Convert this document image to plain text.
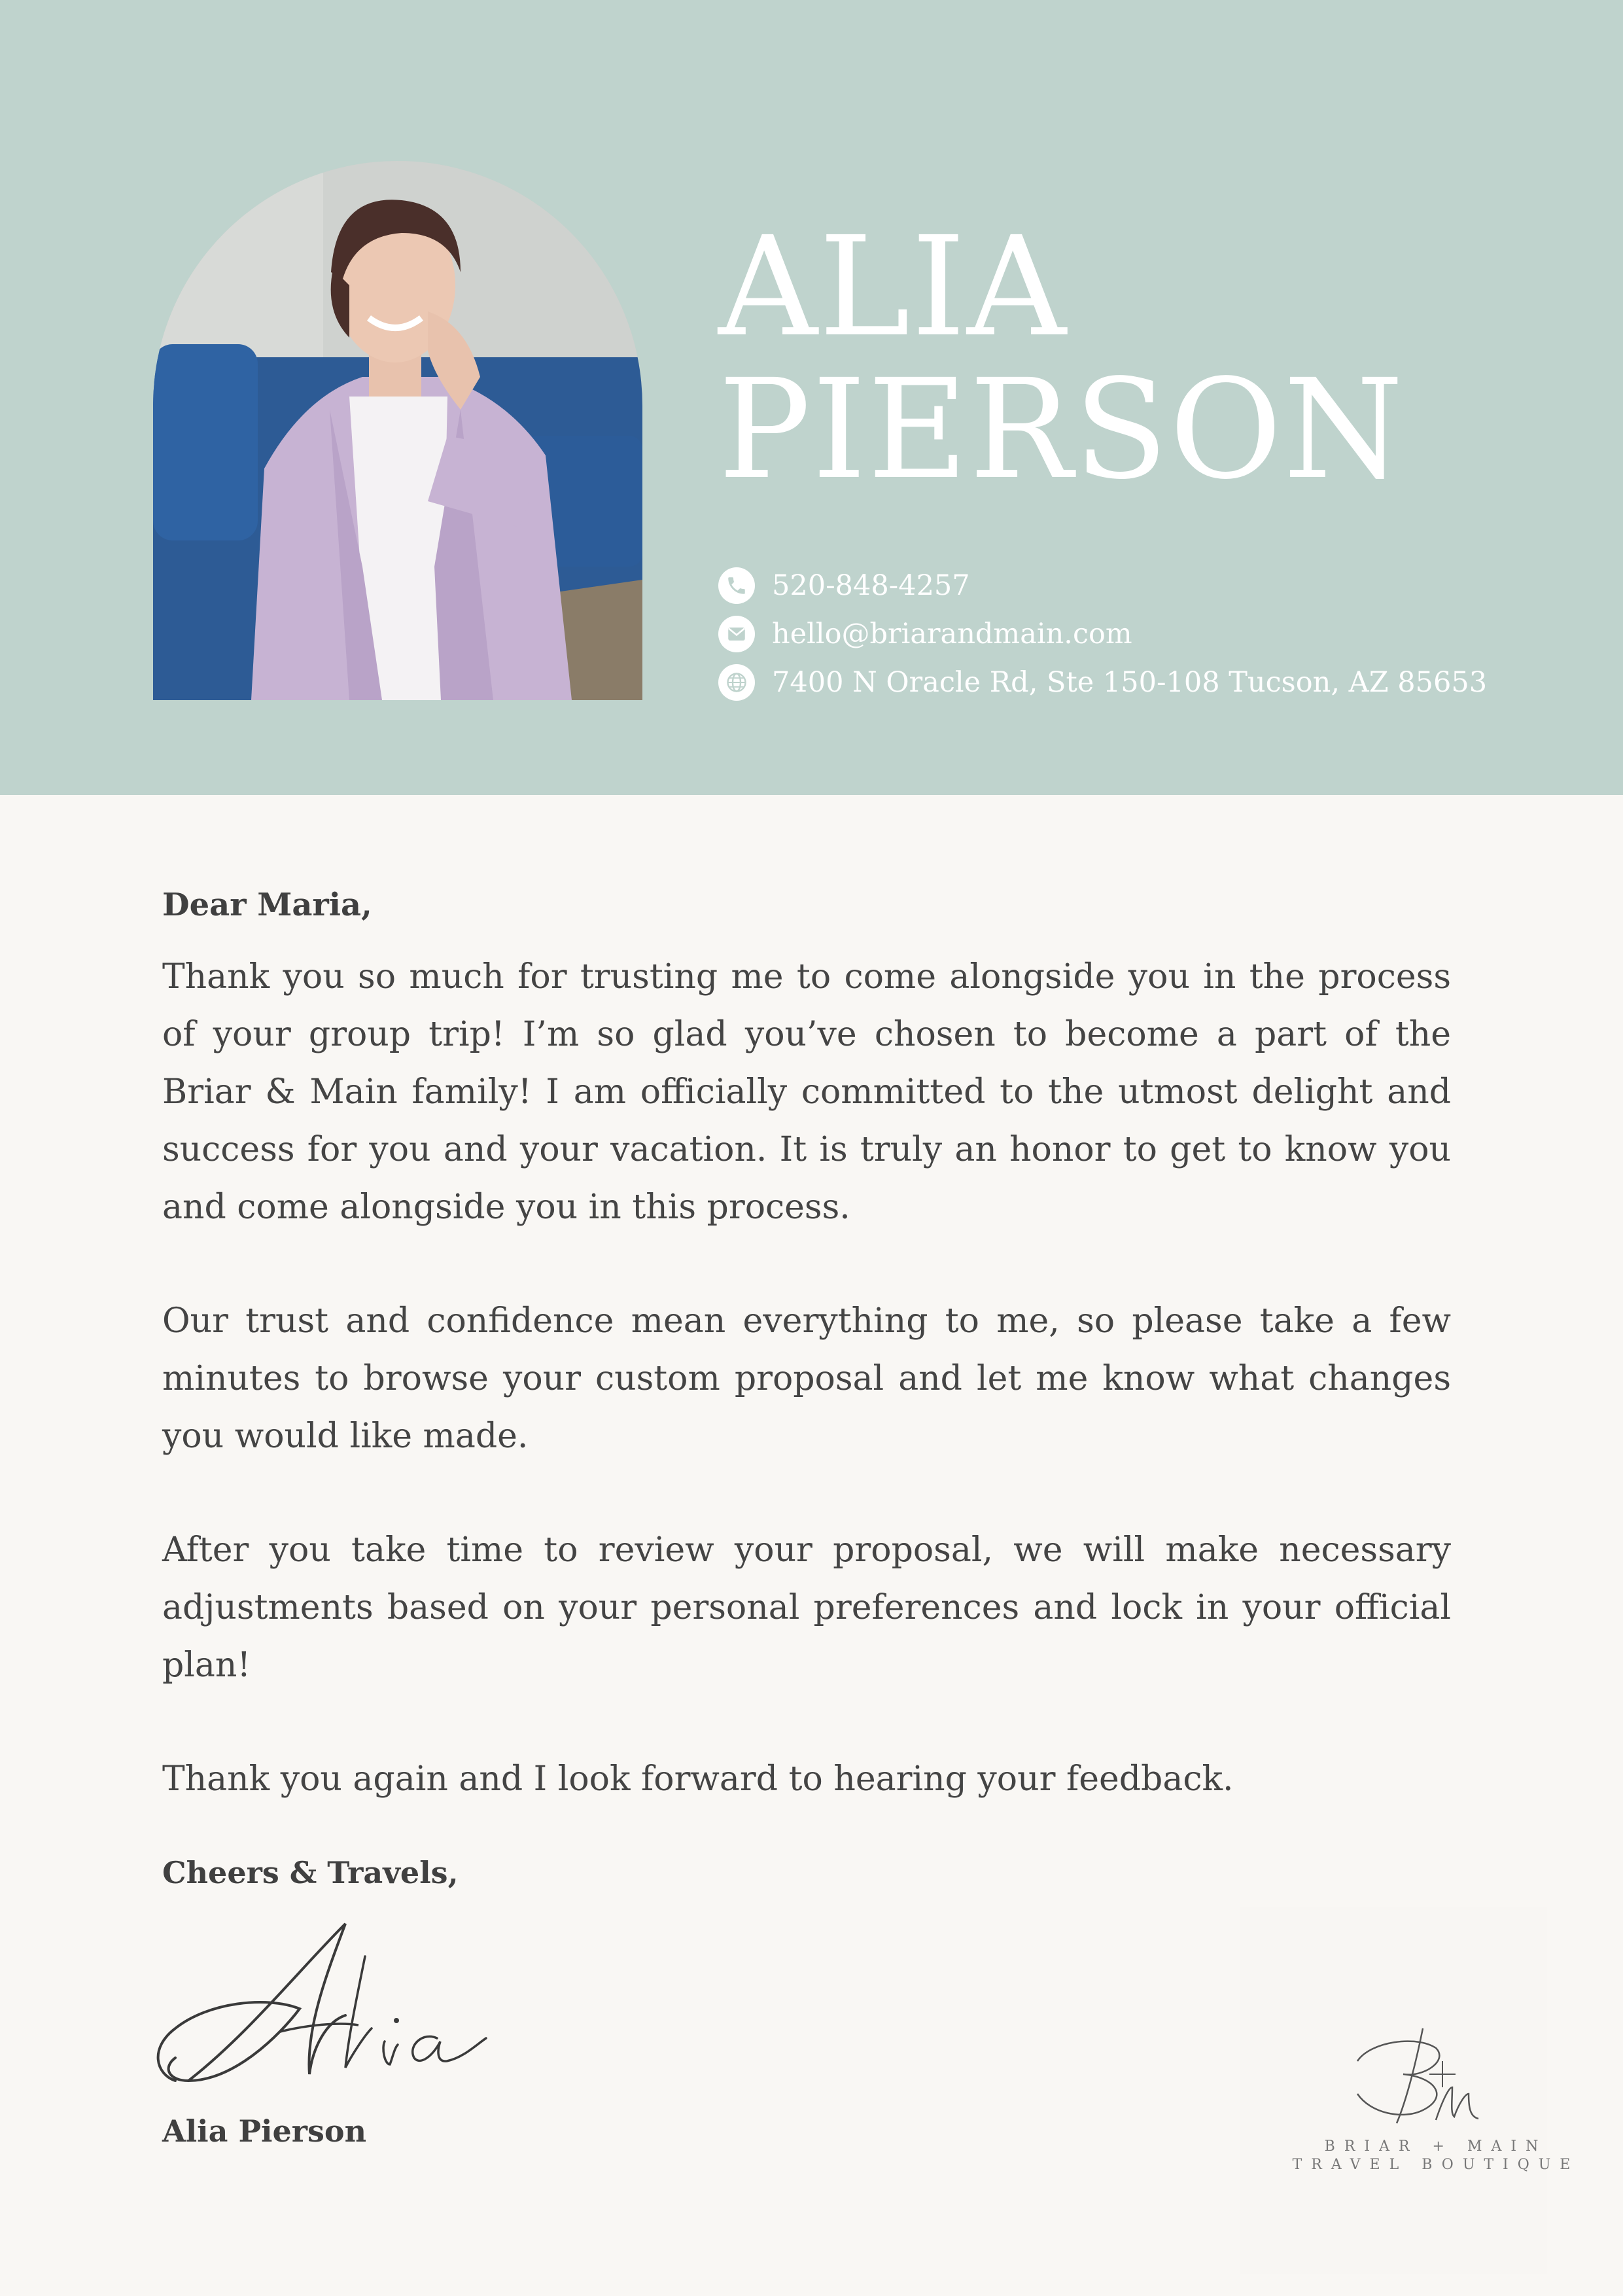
ALIA
PIERSON
520-848-4257
hello@briarandmain.com
7400 N Oracle Rd, Ste 150-108 Tucson, AZ 85653

Dear Maria,

Thank you so much for trusting me to come alongside you in the process of your group trip! I’m so glad you’ve chosen to become a part of the Briar & Main family! I am officially committed to the utmost delight and success for you and your vacation. It is truly an honor to get to know you and come alongside you in this process.

Our trust and confidence mean everything to me, so please take a few minutes to browse your custom proposal and let me know what changes you would like made.

After you take time to review your proposal, we will make necessary adjustments based on your personal preferences and lock in your official plan!

Thank you again and I look forward to hearing your feedback.

Cheers & Travels,
Alia Pierson	BRIAR + MAIN
TRAVEL BOUTIQUE
